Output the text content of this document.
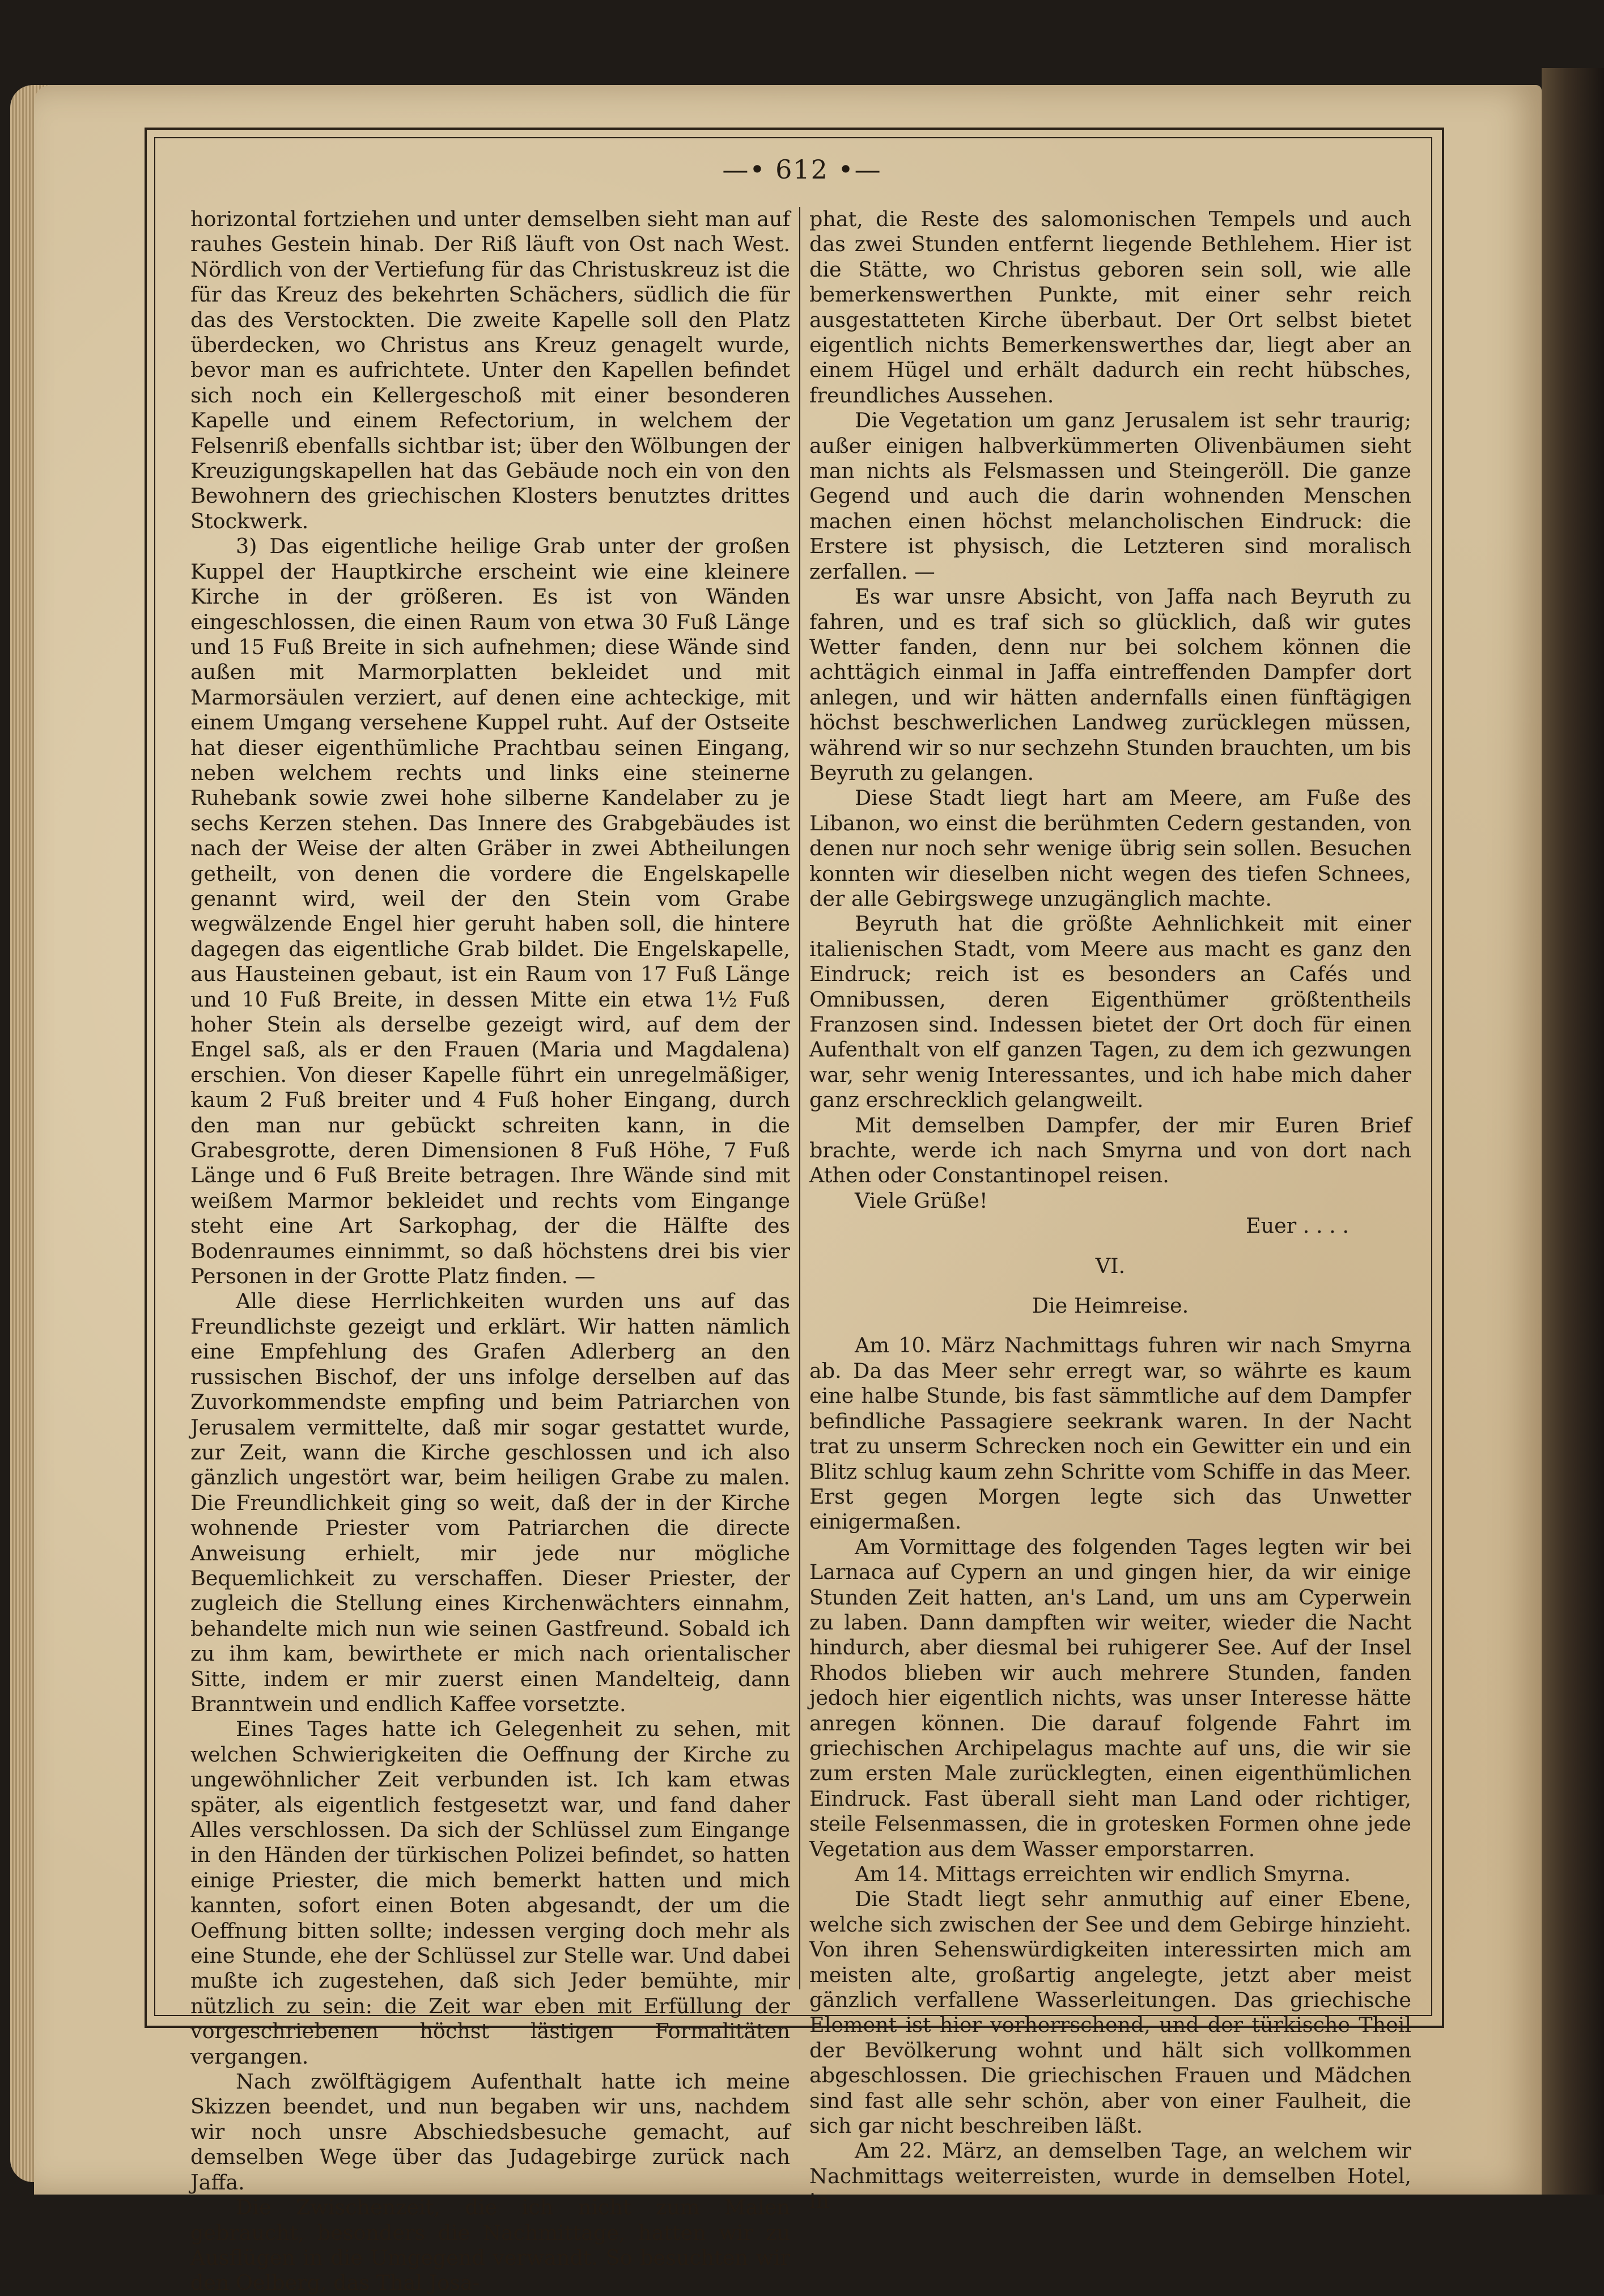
—• 612 •—

horizontal fortziehen und unter demselben sieht man auf rauhes Gestein hinab. Der Riß läuft von Ost nach West. Nördlich von der Vertiefung für das Christuskreuz ist die für das Kreuz des bekehrten Schächers, südlich die für das des Verstockten. Die zweite Kapelle soll den Platz überdecken, wo Christus ans Kreuz genagelt wurde, bevor man es aufrichtete. Unter den Kapellen befindet sich noch ein Kellergeschoß mit einer besonderen Kapelle und einem Refectorium, in welchem der Felsenriß ebenfalls sichtbar ist; über den Wölbungen der Kreuzigungskapellen hat das Gebäude noch ein von den Bewohnern des griechischen Klosters benutztes drittes Stockwerk.

3) Das eigentliche heilige Grab unter der großen Kuppel der Hauptkirche erscheint wie eine kleinere Kirche in der größeren. Es ist von Wänden eingeschlossen, die einen Raum von etwa 30 Fuß Länge und 15 Fuß Breite in sich aufnehmen; diese Wände sind außen mit Marmorplatten bekleidet und mit Marmorsäulen verziert, auf denen eine achteckige, mit einem Umgang versehene Kuppel ruht. Auf der Ostseite hat dieser eigenthümliche Prachtbau seinen Eingang, neben welchem rechts und links eine steinerne Ruhebank sowie zwei hohe silberne Kandelaber zu je sechs Kerzen stehen. Das Innere des Grabgebäudes ist nach der Weise der alten Gräber in zwei Abtheilungen getheilt, von denen die vordere die Engelskapelle genannt wird, weil der den Stein vom Grabe wegwälzende Engel hier geruht haben soll, die hintere dagegen das eigentliche Grab bildet. Die Engelskapelle, aus Hausteinen gebaut, ist ein Raum von 17 Fuß Länge und 10 Fuß Breite, in dessen Mitte ein etwa 1½ Fuß hoher Stein als derselbe gezeigt wird, auf dem der Engel saß, als er den Frauen (Maria und Magdalena) erschien. Von dieser Kapelle führt ein unregelmäßiger, kaum 2 Fuß breiter und 4 Fuß hoher Eingang, durch den man nur gebückt schreiten kann, in die Grabesgrotte, deren Dimensionen 8 Fuß Höhe, 7 Fuß Länge und 6 Fuß Breite betragen. Ihre Wände sind mit weißem Marmor bekleidet und rechts vom Eingange steht eine Art Sarkophag, der die Hälfte des Bodenraumes einnimmt, so daß höchstens drei bis vier Personen in der Grotte Platz finden. —

Alle diese Herrlichkeiten wurden uns auf das Freundlichste gezeigt und erklärt. Wir hatten nämlich eine Empfehlung des Grafen Adlerberg an den russischen Bischof, der uns infolge derselben auf das Zuvorkommendste empfing und beim Patriarchen von Jerusalem vermittelte, daß mir sogar gestattet wurde, zur Zeit, wann die Kirche geschlossen und ich also gänzlich ungestört war, beim heiligen Grabe zu malen. Die Freundlichkeit ging so weit, daß der in der Kirche wohnende Priester vom Patriarchen die directe Anweisung erhielt, mir jede nur mögliche Bequemlichkeit zu verschaffen. Dieser Priester, der zugleich die Stellung eines Kirchenwächters einnahm, behandelte mich nun wie seinen Gastfreund. Sobald ich zu ihm kam, bewirthete er mich nach orientalischer Sitte, indem er mir zuerst einen Mandelteig, dann Branntwein und endlich Kaffee vorsetzte.

Eines Tages hatte ich Gelegenheit zu sehen, mit welchen Schwierigkeiten die Oeffnung der Kirche zu ungewöhnlicher Zeit verbunden ist. Ich kam etwas später, als eigentlich festgesetzt war, und fand daher Alles verschlossen. Da sich der Schlüssel zum Eingange in den Händen der türkischen Polizei befindet, so hatten einige Priester, die mich bemerkt hatten und mich kannten, sofort einen Boten abgesandt, der um die Oeffnung bitten sollte; indessen verging doch mehr als eine Stunde, ehe der Schlüssel zur Stelle war. Und dabei mußte ich zugestehen, daß sich Jeder bemühte, mir nützlich zu sein: die Zeit war eben mit Erfüllung der vorgeschriebenen höchst lästigen Formalitäten vergangen.

Nach zwölftägigem Aufenthalt hatte ich meine Skizzen beendet, und nun begaben wir uns, nachdem wir noch unsre Abschiedsbesuche gemacht, auf demselben Wege über das Judagebirge zurück nach Jaffa.

Die Zwischenzeit, die ich nicht zum Malen gebraucht, besonders die Nachmittage, hatten wir zu Ausflügen in die Umgegend verwandt. So besuchten wir den Oelberg, das Thal Josa-

phat, die Reste des salomonischen Tempels und auch das zwei Stunden entfernt liegende Bethlehem. Hier ist die Stätte, wo Christus geboren sein soll, wie alle bemerkenswerthen Punkte, mit einer sehr reich ausgestatteten Kirche überbaut. Der Ort selbst bietet eigentlich nichts Bemerkenswerthes dar, liegt aber an einem Hügel und erhält dadurch ein recht hübsches, freundliches Aussehen.

Die Vegetation um ganz Jerusalem ist sehr traurig; außer einigen halbverkümmerten Olivenbäumen sieht man nichts als Felsmassen und Steingeröll. Die ganze Gegend und auch die darin wohnenden Menschen machen einen höchst melancholischen Eindruck: die Erstere ist physisch, die Letzteren sind moralisch zerfallen. —

Es war unsre Absicht, von Jaffa nach Beyruth zu fahren, und es traf sich so glücklich, daß wir gutes Wetter fanden, denn nur bei solchem können die achttägich einmal in Jaffa eintreffenden Dampfer dort anlegen, und wir hätten andernfalls einen fünftägigen höchst beschwerlichen Landweg zurücklegen müssen, während wir so nur sechzehn Stunden brauchten, um bis Beyruth zu gelangen.

Diese Stadt liegt hart am Meere, am Fuße des Libanon, wo einst die berühmten Cedern gestanden, von denen nur noch sehr wenige übrig sein sollen. Besuchen konnten wir dieselben nicht wegen des tiefen Schnees, der alle Gebirgswege unzugänglich machte.

Beyruth hat die größte Aehnlichkeit mit einer italienischen Stadt, vom Meere aus macht es ganz den Eindruck; reich ist es besonders an Cafés und Omnibussen, deren Eigenthümer größtentheils Franzosen sind. Indessen bietet der Ort doch für einen Aufenthalt von elf ganzen Tagen, zu dem ich gezwungen war, sehr wenig Interessantes, und ich habe mich daher ganz erschrecklich gelangweilt.

Mit demselben Dampfer, der mir Euren Brief brachte, werde ich nach Smyrna und von dort nach Athen oder Constantinopel reisen.

Viele Grüße!

Euer . . . .

VI.

Die Heimreise.

Am 10. März Nachmittags fuhren wir nach Smyrna ab. Da das Meer sehr erregt war, so währte es kaum eine halbe Stunde, bis fast sämmtliche auf dem Dampfer befindliche Passagiere seekrank waren. In der Nacht trat zu unserm Schrecken noch ein Gewitter ein und ein Blitz schlug kaum zehn Schritte vom Schiffe in das Meer. Erst gegen Morgen legte sich das Unwetter einigermaßen.

Am Vormittage des folgenden Tages legten wir bei Larnaca auf Cypern an und gingen hier, da wir einige Stunden Zeit hatten, an's Land, um uns am Cyperwein zu laben. Dann dampften wir weiter, wieder die Nacht hindurch, aber diesmal bei ruhigerer See. Auf der Insel Rhodos blieben wir auch mehrere Stunden, fanden jedoch hier eigentlich nichts, was unser Interesse hätte anregen können. Die darauf folgende Fahrt im griechischen Archipelagus machte auf uns, die wir sie zum ersten Male zurücklegten, einen eigenthümlichen Eindruck. Fast überall sieht man Land oder richtiger, steile Felsenmassen, die in grotesken Formen ohne jede Vegetation aus dem Wasser emporstarren.

Am 14. Mittags erreichten wir endlich Smyrna.

Die Stadt liegt sehr anmuthig auf einer Ebene, welche sich zwischen der See und dem Gebirge hinzieht. Von ihren Sehenswürdigkeiten interessirten mich am meisten alte, großartig angelegte, jetzt aber meist gänzlich verfallene Wasserleitungen. Das griechische Element ist hier vorherrschend, und der türkische Theil der Bevölkerung wohnt und hält sich vollkommen abgeschlossen. Die griechischen Frauen und Mädchen sind fast alle sehr schön, aber von einer Faulheit, die sich gar nicht beschreiben läßt.

Am 22. März, an demselben Tage, an welchem wir Nachmittags weiterreisten, wurde in demselben Hotel, in
